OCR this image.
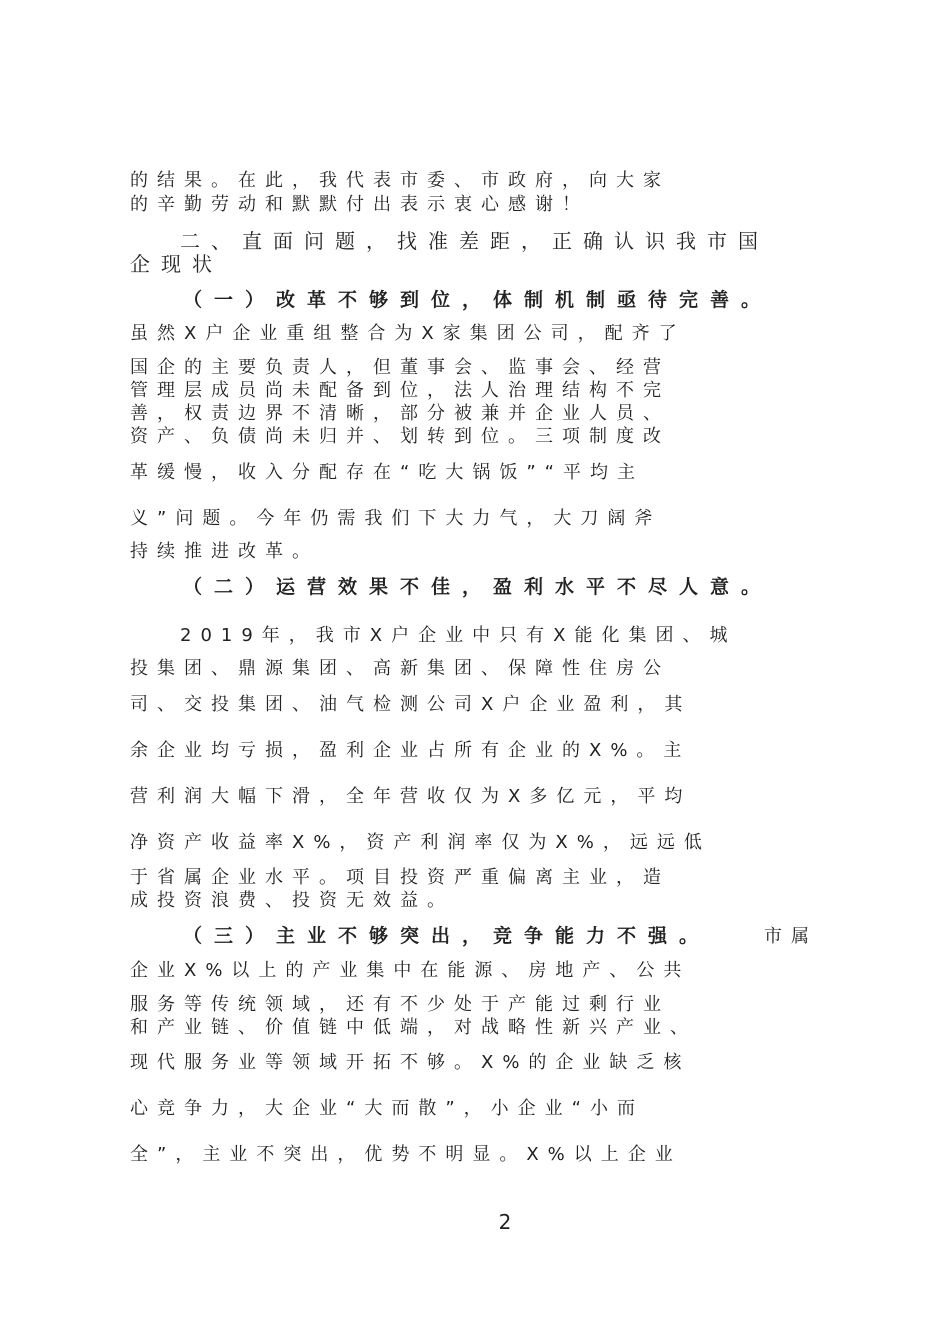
的结果。在此，我代表市委、市政府，向大家
的辛勤劳动和默默付出表示衷心感谢！
二、直面问题，找准差距，正确认识我市国
企现状
（一）改革不够到位，体制机制亟待完善。
虽然X户企业重组整合为X家集团公司，配齐了
国企的主要负责人，但董事会、监事会、经营
管理层成员尚未配备到位，法人治理结构不完
善，权责边界不清晰，部分被兼并企业人员、
资产、负债尚未归并、划转到位。三项制度改
革缓慢，收入分配存在“吃大锅饭”“平均主
义”问题。今年仍需我们下大力气，大刀阔斧
持续推进改革。
（二）运营效果不佳，盈利水平不尽人意。
2019年，我市X户企业中只有X能化集团、城
投集团、鼎源集团、高新集团、保障性住房公
司、交投集团、油气检测公司X户企业盈利，其
余企业均亏损，盈利企业占所有企业的X%。主
营利润大幅下滑，全年营收仅为X多亿元，平均
净资产收益率X%，资产利润率仅为X%，远远低
于省属企业水平。项目投资严重偏离主业，造
成投资浪费、投资无效益。
（三）主业不够突出，竞争能力不强。	市属
企业X%以上的产业集中在能源、房地产、公共
服务等传统领域，还有不少处于产能过剩行业
和产业链、价值链中低端，对战略性新兴产业、
现代服务业等领域开拓不够。X%的企业缺乏核
心竞争力，大企业“大而散”，小企业“小而
全”，主业不突出，优势不明显。X%以上企业
2
